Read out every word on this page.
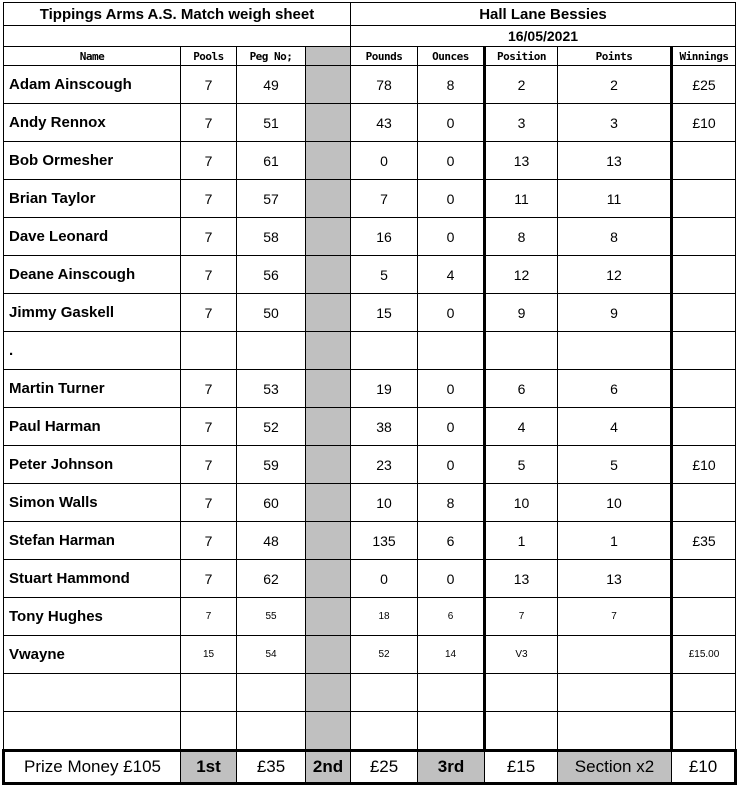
Tippings Arms A.S. Match weigh sheet				Hall Lane Bessies				
				16/05/2021				
Name	Pools	Peg No;		Pounds	Ounces	Position	Points	Winnings
Adam Ainscough	7	49		78	8	2	2	£25
Andy Rennox	7	51		43	0	3	3	£10
Bob Ormesher	7	61		0	0	13	13	
Brian Taylor	7	57		7	0	11	11	
Dave Leonard	7	58		16	0	8	8	
Deane Ainscough	7	56		5	4	12	12	
Jimmy Gaskell	7	50		15	0	9	9	
.								
Martin Turner	7	53		19	0	6	6	
Paul Harman	7	52		38	0	4	4	
Peter Johnson	7	59		23	0	5	5	£10
Simon Walls	7	60		10	8	10	10	
Stefan Harman	7	48		135	6	1	1	£35
Stuart Hammond	7	62		0	0	13	13	
Tony Hughes	7	55		18	6	7	7	
Vwayne	15	54		52	14	V3		£15.00

Prize Money £105	1st	£35	2nd	£25	3rd	£15	Section x2	£10
